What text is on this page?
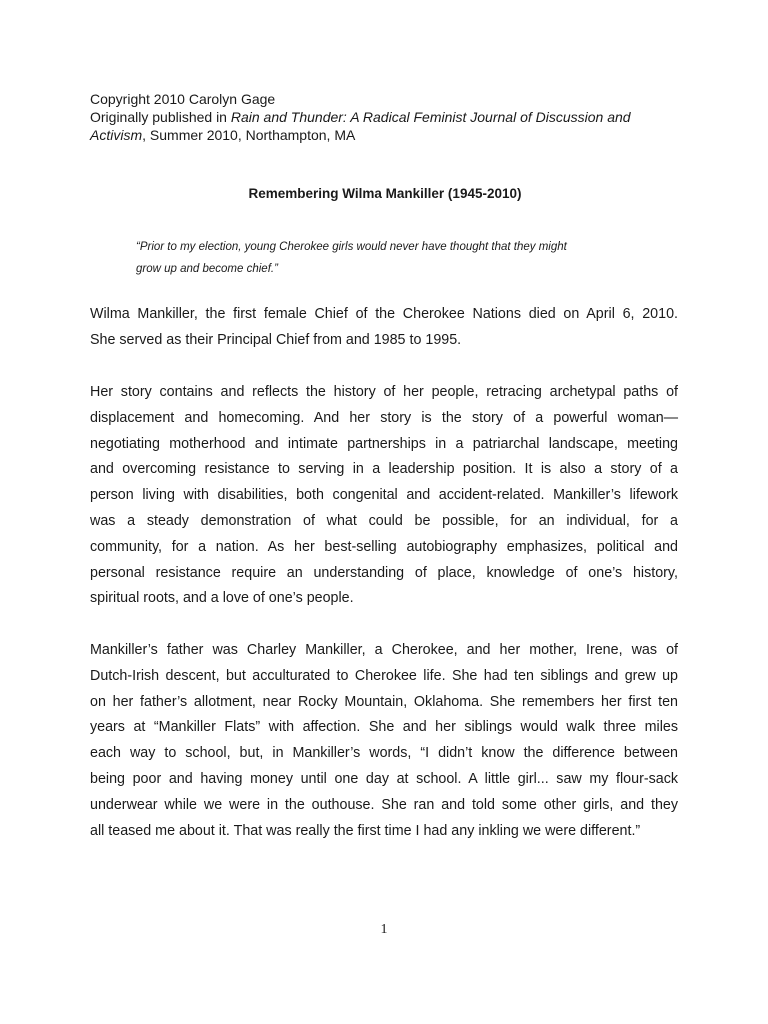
Copyright 2010 Carolyn Gage
Originally published in Rain and Thunder: A Radical Feminist Journal of Discussion and
Activism, Summer 2010, Northampton, MA
Remembering Wilma Mankiller (1945-2010)
“Prior to my election, young Cherokee girls would never have thought that they might
grow up and become chief.”
Wilma Mankiller, the first female Chief of the Cherokee Nations died on April 6, 2010.
She served as their Principal Chief from and 1985 to 1995.
Her story contains and reflects the history of her people, retracing archetypal paths of
displacement and homecoming. And her story is the story of a powerful woman—
negotiating motherhood and intimate partnerships in a patriarchal landscape, meeting
and overcoming resistance to serving in a leadership position. It is also a story of a
person living with disabilities, both congenital and accident-related. Mankiller’s lifework
was a steady demonstration of what could be possible, for an individual, for a
community, for a nation. As her best-selling autobiography emphasizes, political and
personal resistance require an understanding of place, knowledge of one’s history,
spiritual roots, and a love of one’s people.
Mankiller’s father was Charley Mankiller, a Cherokee, and her mother, Irene, was of
Dutch-Irish descent, but acculturated to Cherokee life. She had ten siblings and grew up
on her father’s allotment, near Rocky Mountain, Oklahoma. She remembers her first ten
years at “Mankiller Flats” with affection. She and her siblings would walk three miles
each way to school, but, in Mankiller’s words, “I didn’t know the difference between
being poor and having money until one day at school. A little girl... saw my flour-sack
underwear while we were in the outhouse. She ran and told some other girls, and they
all teased me about it. That was really the first time I had any inkling we were different.”
1
